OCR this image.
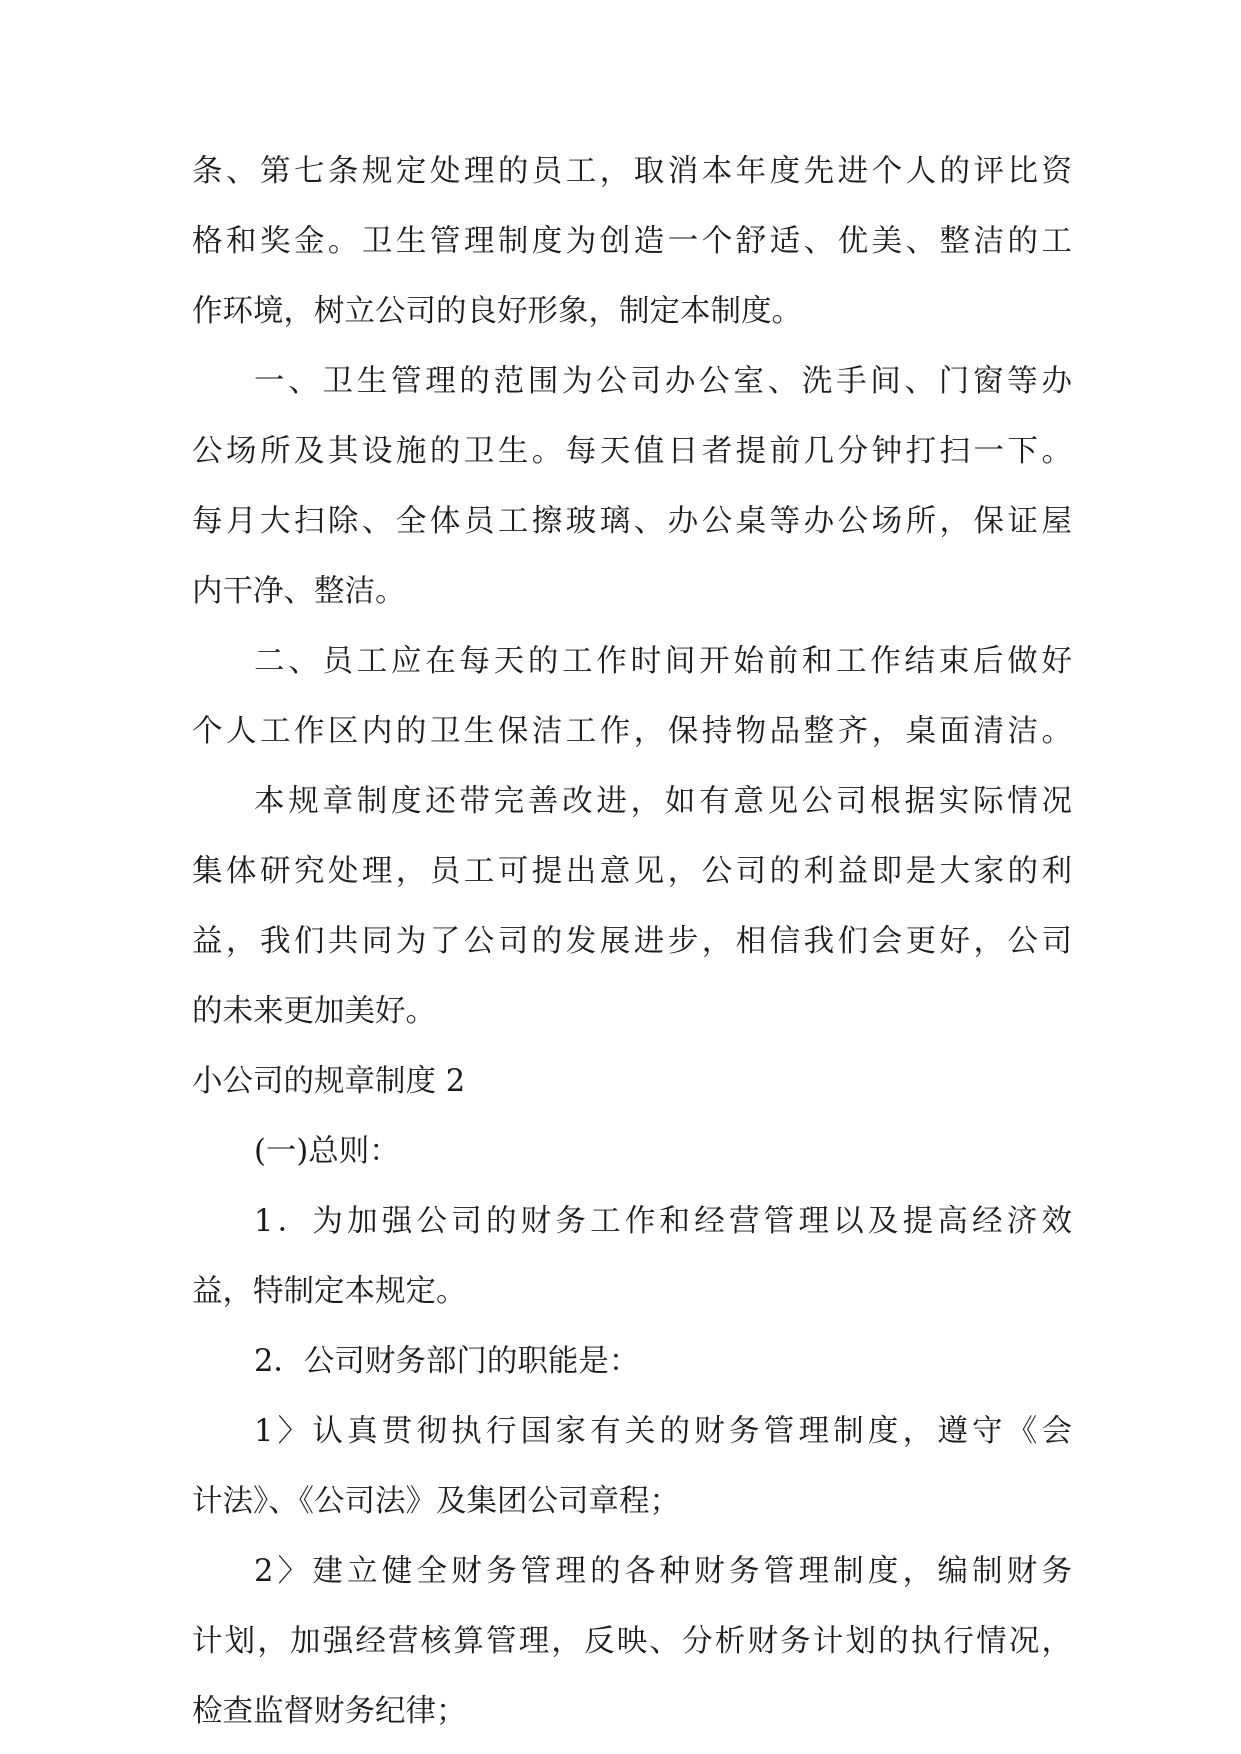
条、第七条规定处理的员工，取消本年度先进个人的评比资
格和奖金。卫生管理制度为创造一个舒适、优美、整洁的工
作环境，树立公司的良好形象，制定本制度。
一、卫生管理的范围为公司办公室、洗手间、门窗等办
公场所及其设施的卫生。每天值日者提前几分钟打扫一下。
每月大扫除、全体员工擦玻璃、办公桌等办公场所，保证屋
内干净、整洁。
二、员工应在每天的工作时间开始前和工作结束后做好
个人工作区内的卫生保洁工作，保持物品整齐，桌面清洁。
本规章制度还带完善改进，如有意见公司根据实际情况
集体研究处理，员工可提出意见，公司的利益即是大家的利
益，我们共同为了公司的发展进步，相信我们会更好，公司
的未来更加美好。
小公司的规章制度 2
(一)总则：
1．为加强公司的财务工作和经营管理以及提高经济效
益，特制定本规定。
2．公司财务部门的职能是：
1〉认真贯彻执行国家有关的财务管理制度，遵守《会
计法》、《公司法》及集团公司章程；
2〉建立健全财务管理的各种财务管理制度，编制财务
计划，加强经营核算管理，反映、分析财务计划的执行情况，
检查监督财务纪律；
